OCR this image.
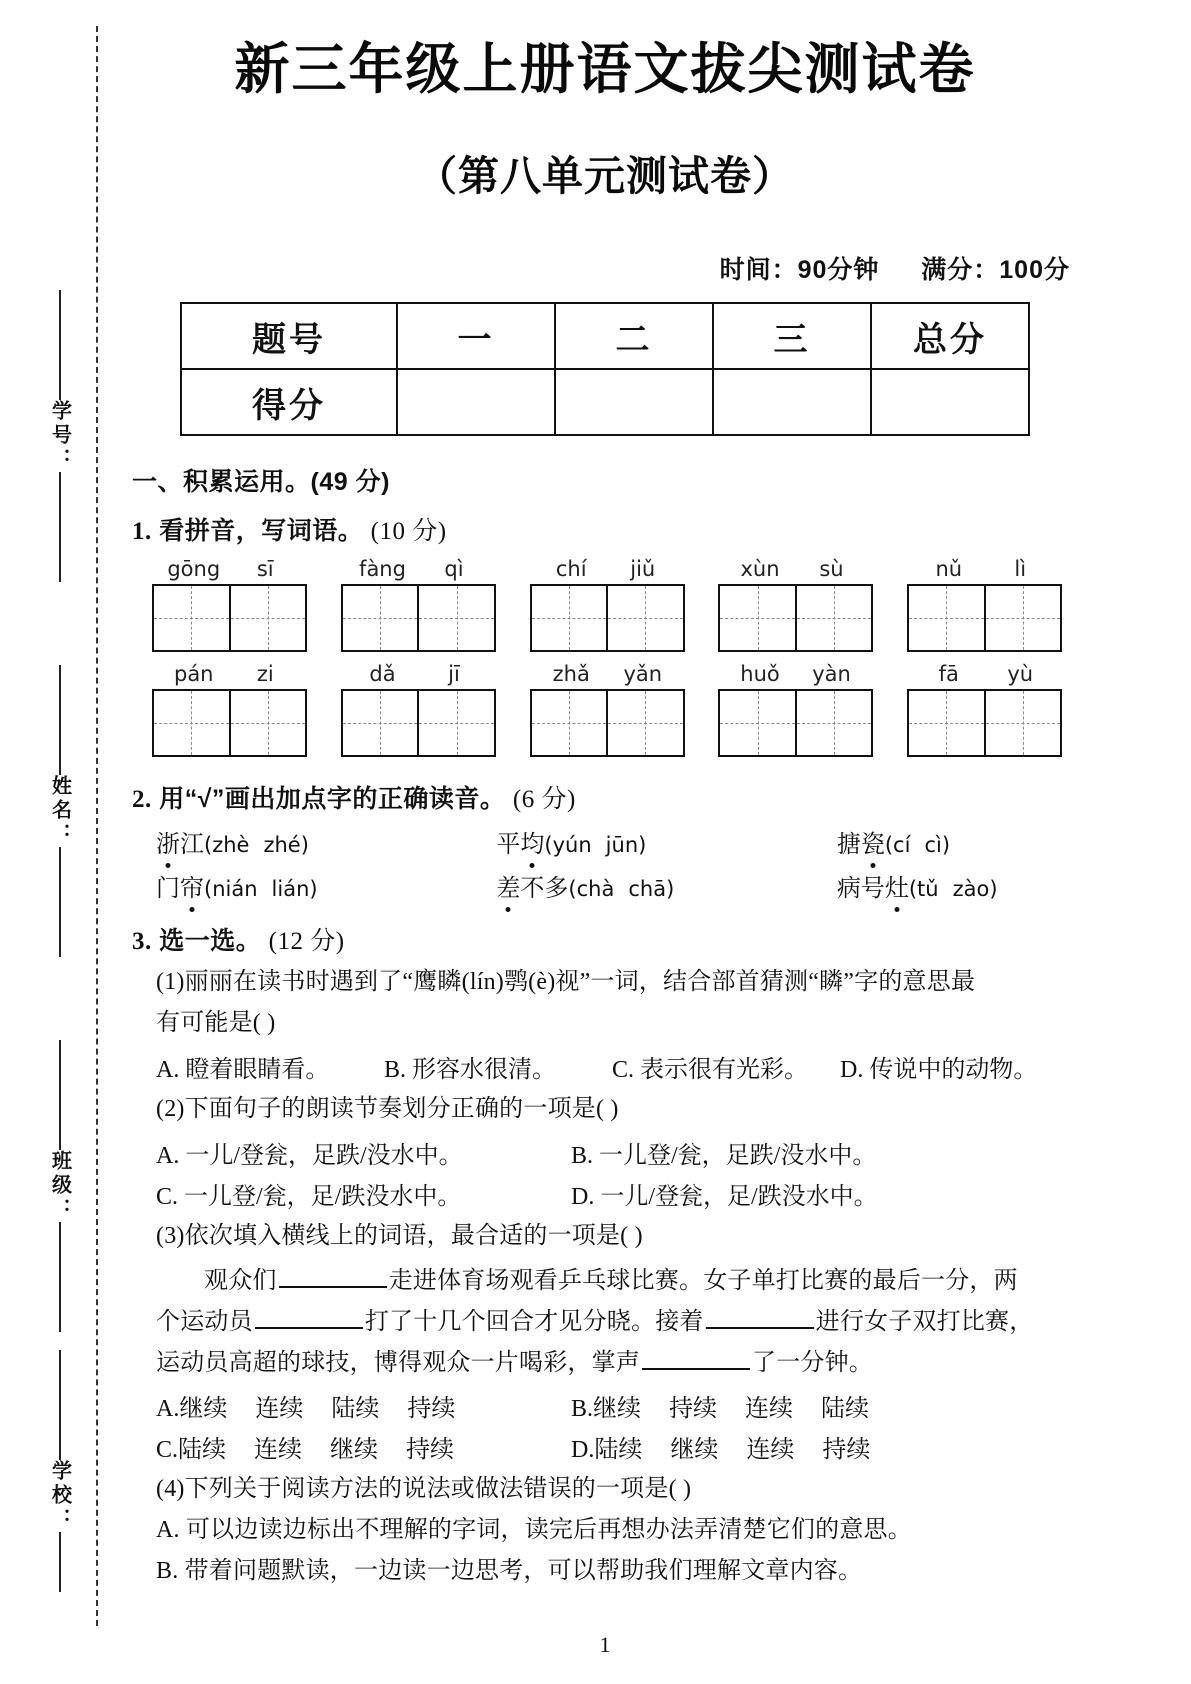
学号：
姓名：
班级：
学校：
新三年级上册语文拔尖测试卷
（第八单元测试卷）
时间：90分钟 满分：100分
题号	一	二	三	总分
得分				
一、积累运用。(49 分)
1. 看拼音，写词语。 (10 分)
gōng	sī	fàng	qì	chí	jiǔ	xùn	sù	nǔ	lì
pán	zi	dǎ	jī	zhǎ	yǎn	huǒ	yàn	fā	yù
2. 用“√”画出加点字的正确读音。 (6 分)
浙江(zhè zhé)	平均(yún jūn)	搪瓷(cí cì)
门帘(nián lián)	差不多(chà chā)	病号灶(tǔ zào)
3. 选一选。 (12 分)
(1)丽丽在读书时遇到了“鹰瞵(lín)鹗(è)视”一词，结合部首猜测“瞵”字的意思最
有可能是( )
A. 瞪着眼睛看。	B. 形容水很清。	C. 表示很有光彩。	D. 传说中的动物。
(2)下面句子的朗读节奏划分正确的一项是( )
A. 一儿/登瓮，足跌/没水中。	B. 一儿登/瓮，足跌/没水中。
C. 一儿登/瓮，足/跌没水中。	D. 一儿/登瓮，足/跌没水中。
(3)依次填入横线上的词语，最合适的一项是( )
观众们	走进体育场观看乒乓球比赛。女子单打比赛的最后一分，两
个运动员	打了十几个回合才见分晓。接着	进行女子双打比赛，
运动员高超的球技，博得观众一片喝彩，掌声	了一分钟。
A.继续 连续 陆续 持续	B.继续 持续 连续 陆续
C.陆续 连续 继续 持续	D.陆续 继续 连续 持续
(4)下列关于阅读方法的说法或做法错误的一项是( )
A. 可以边读边标出不理解的字词，读完后再想办法弄清楚它们的意思。
B. 带着问题默读，一边读一边思考，可以帮助我们理解文章内容。
1
